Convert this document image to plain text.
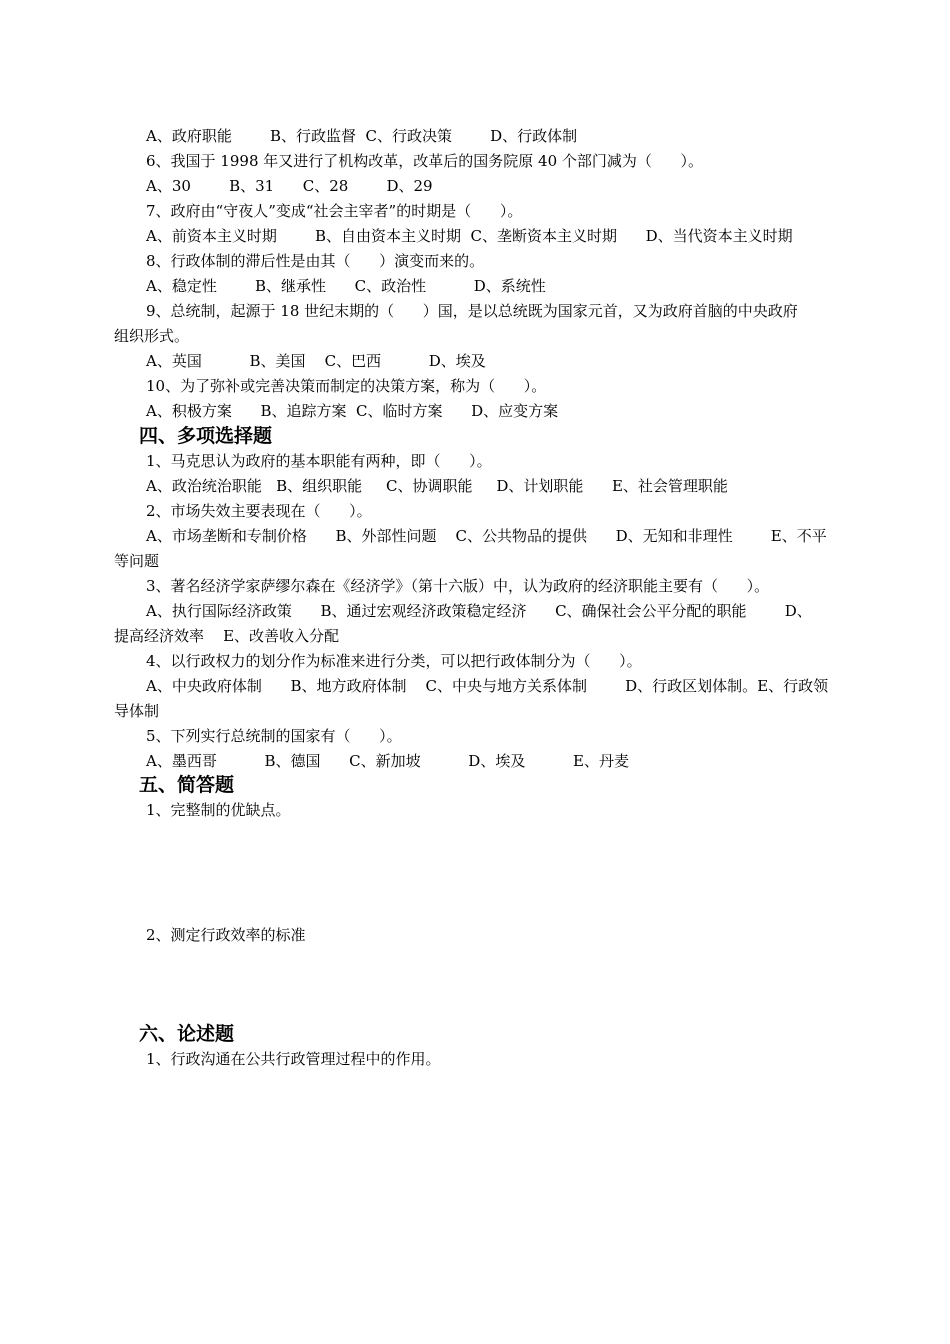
A、政府职能        B、行政监督  C、行政决策        D、行政体制
6、我国于 1998 年又进行了机构改革，改革后的国务院原 40 个部门减为（      ）。
A、30        B、31      C、28        D、29
7、政府由“守夜人”变成“社会主宰者”的时期是（      ）。
A、前资本主义时期        B、自由资本主义时期  C、垄断资本主义时期      D、当代资本主义时期
8、行政体制的滞后性是由其（      ）演变而来的。
A、稳定性        B、继承性      C、政治性          D、系统性
9、总统制，起源于 18 世纪末期的（      ）国，是以总统既为国家元首，又为政府首脑的中央政府
组织形式。
A、英国          B、美国    C、巴西          D、埃及
10、为了弥补或完善决策而制定的决策方案，称为（      ）。
A、积极方案      B、追踪方案  C、临时方案      D、应变方案
四、多项选择题
1、马克思认为政府的基本职能有两种，即（      ）。
A、政治统治职能   B、组织职能     C、协调职能     D、计划职能      E、社会管理职能
2、市场失效主要表现在（      ）。
A、市场垄断和专制价格      B、外部性问题    C、公共物品的提供      D、无知和非理性        E、不平
等问题
3、著名经济学家萨缪尔森在《经济学》（第十六版）中，认为政府的经济职能主要有（      ）。
A、执行国际经济政策      B、通过宏观经济政策稳定经济      C、确保社会公平分配的职能        D、
提高经济效率    E、改善收入分配
4、以行政权力的划分作为标准来进行分类，可以把行政体制分为（      ）。
A、中央政府体制      B、地方政府体制    C、中央与地方关系体制        D、行政区划体制。E、行政领
导体制
5、下列实行总统制的国家有（      ）。
A、墨西哥          B、德国      C、新加坡          D、埃及          E、丹麦
五、简答题
1、完整制的优缺点。
2、测定行政效率的标准
六、论述题
1、行政沟通在公共行政管理过程中的作用。
